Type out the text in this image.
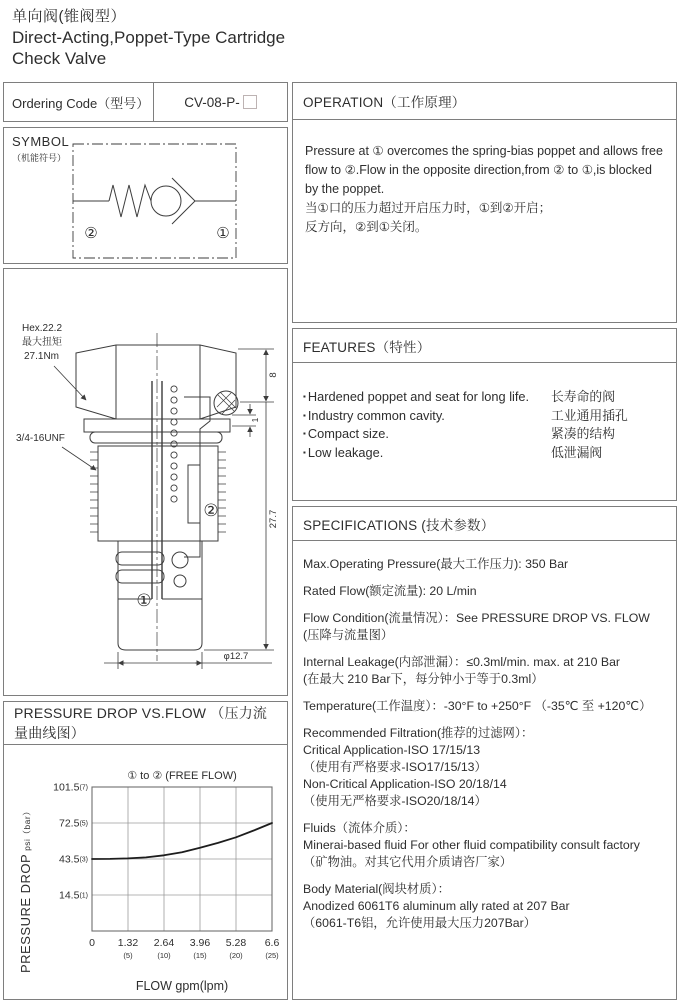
单向阀(锥阀型）
Direct-Acting,Poppet-Type Cartridge
Check Valve
Ordering Code（型号）	CV-08-P-
SYMBOL
（机能符号）
②	①
Hex.22.2
最大扭矩
27.1Nm
3/4-16UNF
8
1
27.7
φ12.7
②
①
PRESSURE DROP VS.FLOW （压力流量曲线图）
0 1.32
(5)
2.64
(10)
3.96
(15)
5.28
(20)
6.6
(25)
101.5(7)
72.5(5)
43.5(3)
14.5(1)
① to ② (FREE FLOW)
FLOW gpm(lpm)
PRESSURE DROP psi（bar）
OPERATION（工作原理）

Pressure at ① overcomes the spring-bias poppet and allows free flow to ②.Flow in the opposite direction,from ② to ①,is blocked by the poppet.

当①口的压力超过开启压力时，①到②开启；

反方向，②到①关闭。

FEATURES（特性）
▪ Hardened poppet and seat for long life.	长寿命的阀
▪ Industry common cavity.	工业通用插孔
▪ Compact size.	紧凑的结构
▪ Low leakage.	低泄漏阀
SPECIFICATIONS (技术参数）
Max.Operating Pressure(最大工作压力): 350 Bar
Rated Flow(额定流量): 20 L/min
Flow Condition(流量情况）：See PRESSURE DROP VS. FLOW
(压降与流量图）
Internal Leakage(内部泄漏）：≤0.3ml/min. max. at 210 Bar
(在最大 210 Bar下，每分钟小于等于0.3ml）
Temperature(工作温度）：-30°F to +250°F （-35℃ 至 +120℃）
Recommended Filtration(推荐的过滤网）：
Critical Application-ISO 17/15/13
（使用有严格要求-ISO17/15/13）
Non-Critical Application-ISO 20/18/14
（使用无严格要求-ISO20/18/14）
Fluids（流体介质）：
Minerai-based fluid For other fluid compatibility consult factory
（矿物油。对其它代用介质请咨厂家）
Body Material(阀块材质）：
Anodized 6061T6 aluminum ally rated at 207 Bar
（6061-T6铝，允许使用最大压力207Bar）
